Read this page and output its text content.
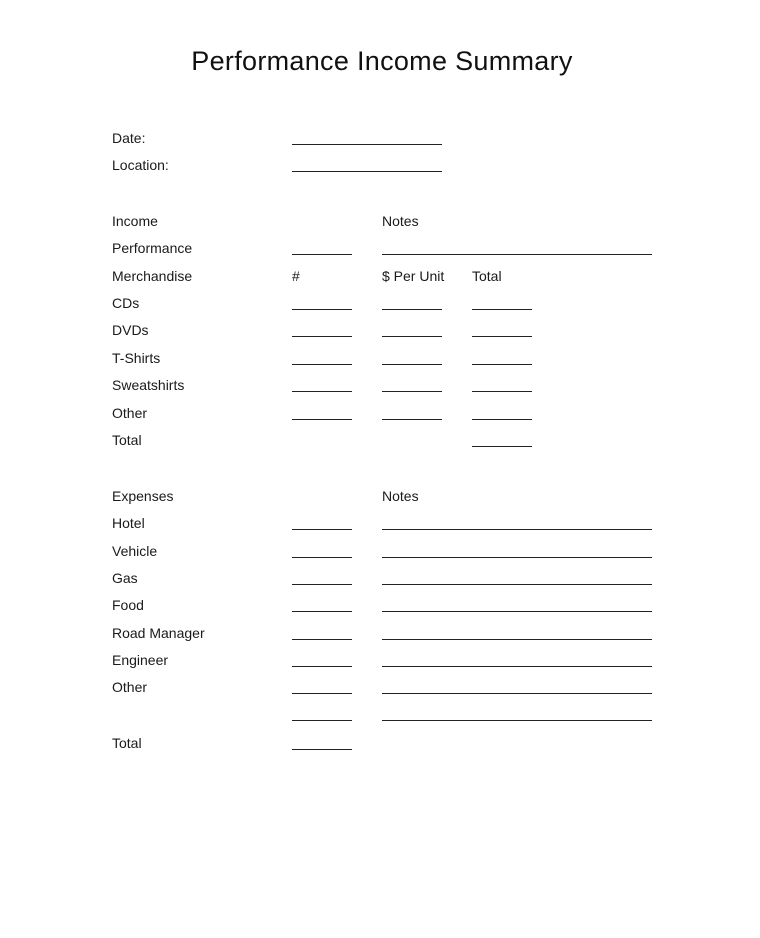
Performance Income Summary
Date:
Location:
Income	Notes
Performance
Merchandise	#	$ Per Unit Total
CDs
DVDs
T-Shirts
Sweatshirts
Other
Total
Expenses	Notes
Hotel
Vehicle
Gas
Food
Road Manager
Engineer
Other
Total
